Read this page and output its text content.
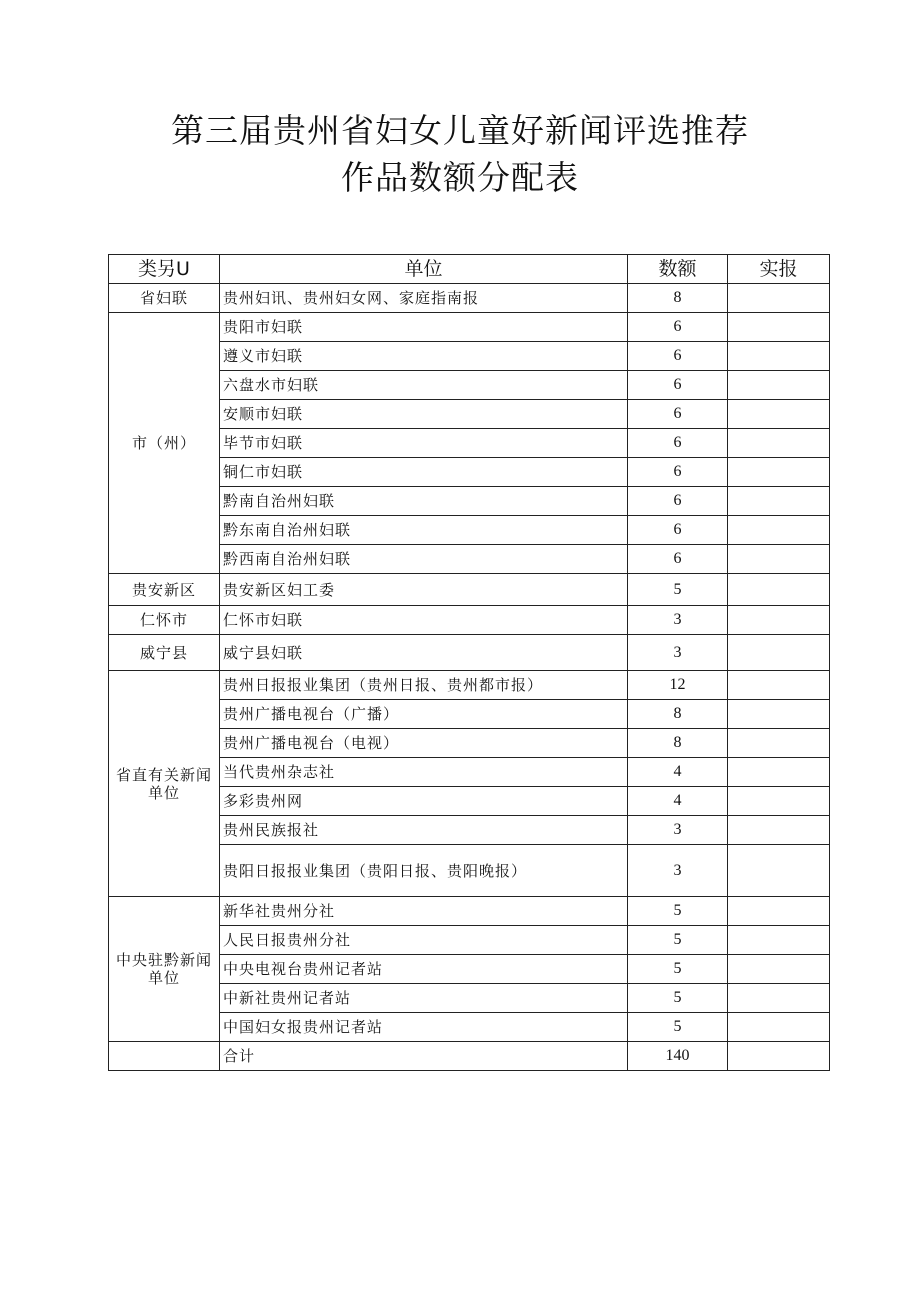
第三届贵州省妇女儿童好新闻评选推荐
作品数额分配表
类另U	单位	数额	实报
省妇联	贵州妇讯、贵州妇女网、家庭指南报	8	
市（州）	贵阳市妇联	6	
	遵义市妇联	6	
	六盘水市妇联	6	
	安顺市妇联	6	
	毕节市妇联	6	
	铜仁市妇联	6	
	黔南自治州妇联	6	
	黔东南自治州妇联	6	
	黔西南自治州妇联	6	
贵安新区	贵安新区妇工委	5	
仁怀市	仁怀市妇联	3	
威宁县	威宁县妇联	3	
省直有关新闻单位	贵州日报报业集团（贵州日报、贵州都市报）	12	
	贵州广播电视台（广播）	8	
	贵州广播电视台（电视）	8	
	当代贵州杂志社	4	
	多彩贵州网	4	
	贵州民族报社	3	
	贵阳日报报业集团（贵阳日报、贵阳晚报）	3	
中央驻黔新闻单位	新华社贵州分社	5	
	人民日报贵州分社	5	
	中央电视台贵州记者站	5	
	中新社贵州记者站	5	
	中国妇女报贵州记者站	5	
	合计	140	
